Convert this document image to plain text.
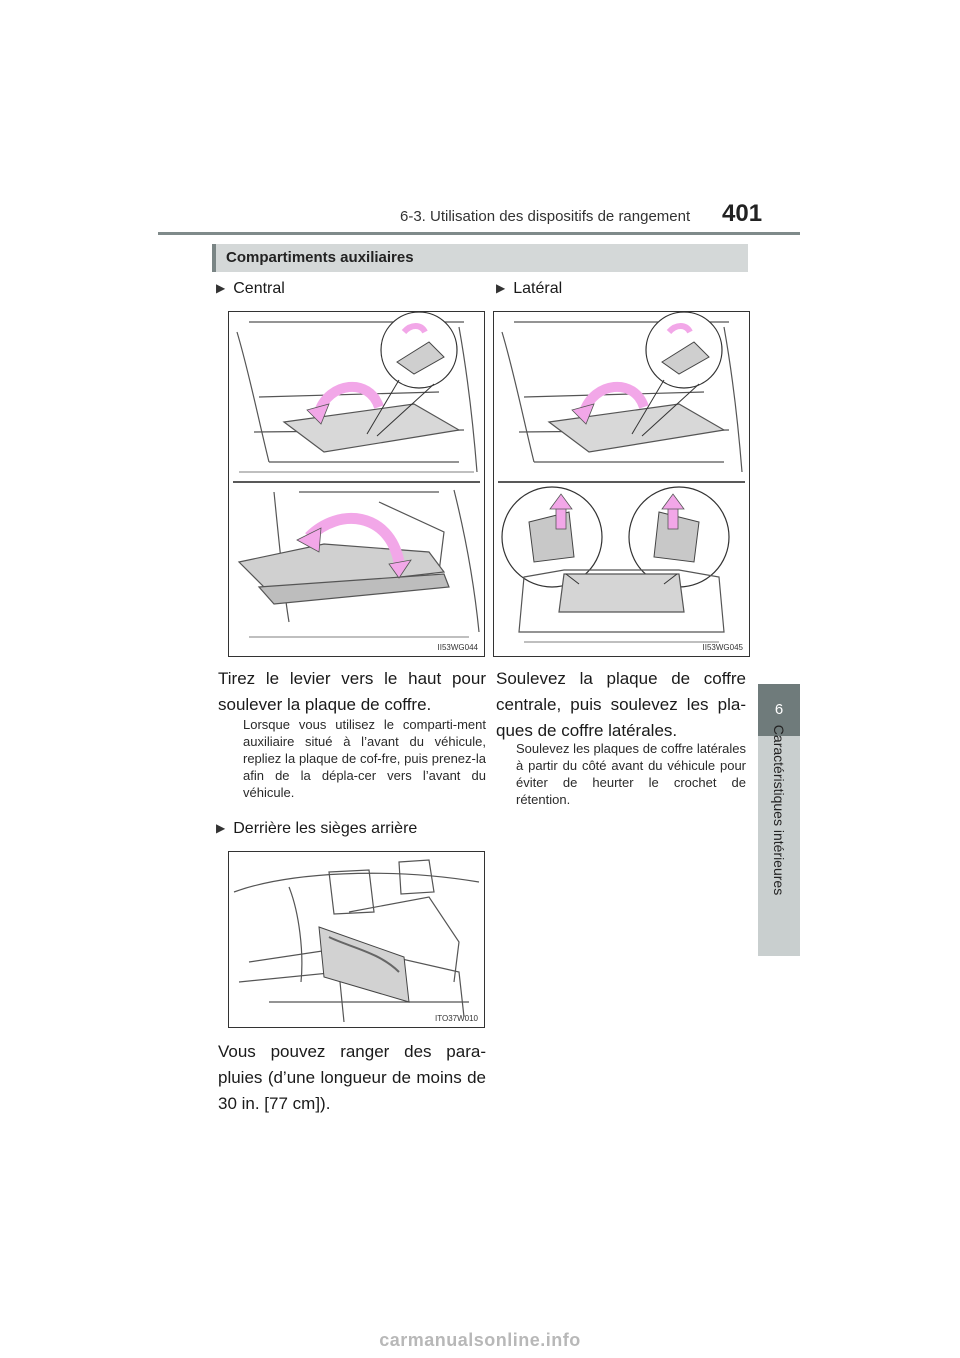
6-3. Utilisation des dispositifs de rangement 401
6
Caractéristiques intérieures
Compartiments auxiliaires
▶ Central
II53WG044
Tirez le levier vers le haut pour soulever la plaque de coffre.
Lorsque vous utilisez le comparti-ment auxiliaire situé à l’avant du véhicule, repliez la plaque de cof-fre, puis prenez-la afin de la dépla-cer vers l’avant du véhicule.
▶ Derrière les sièges arrière
ITO37W010
Vous pouvez ranger des para-pluies (d’une longueur de moins de 30 in. [77 cm]).
▶ Latéral
II53WG045
Soulevez la plaque de coffre centrale, puis soulevez les pla-ques de coffre latérales.
Soulevez les plaques de coffre latérales à partir du côté avant du véhicule pour éviter de heurter le crochet de rétention.
carmanualsonline.info
